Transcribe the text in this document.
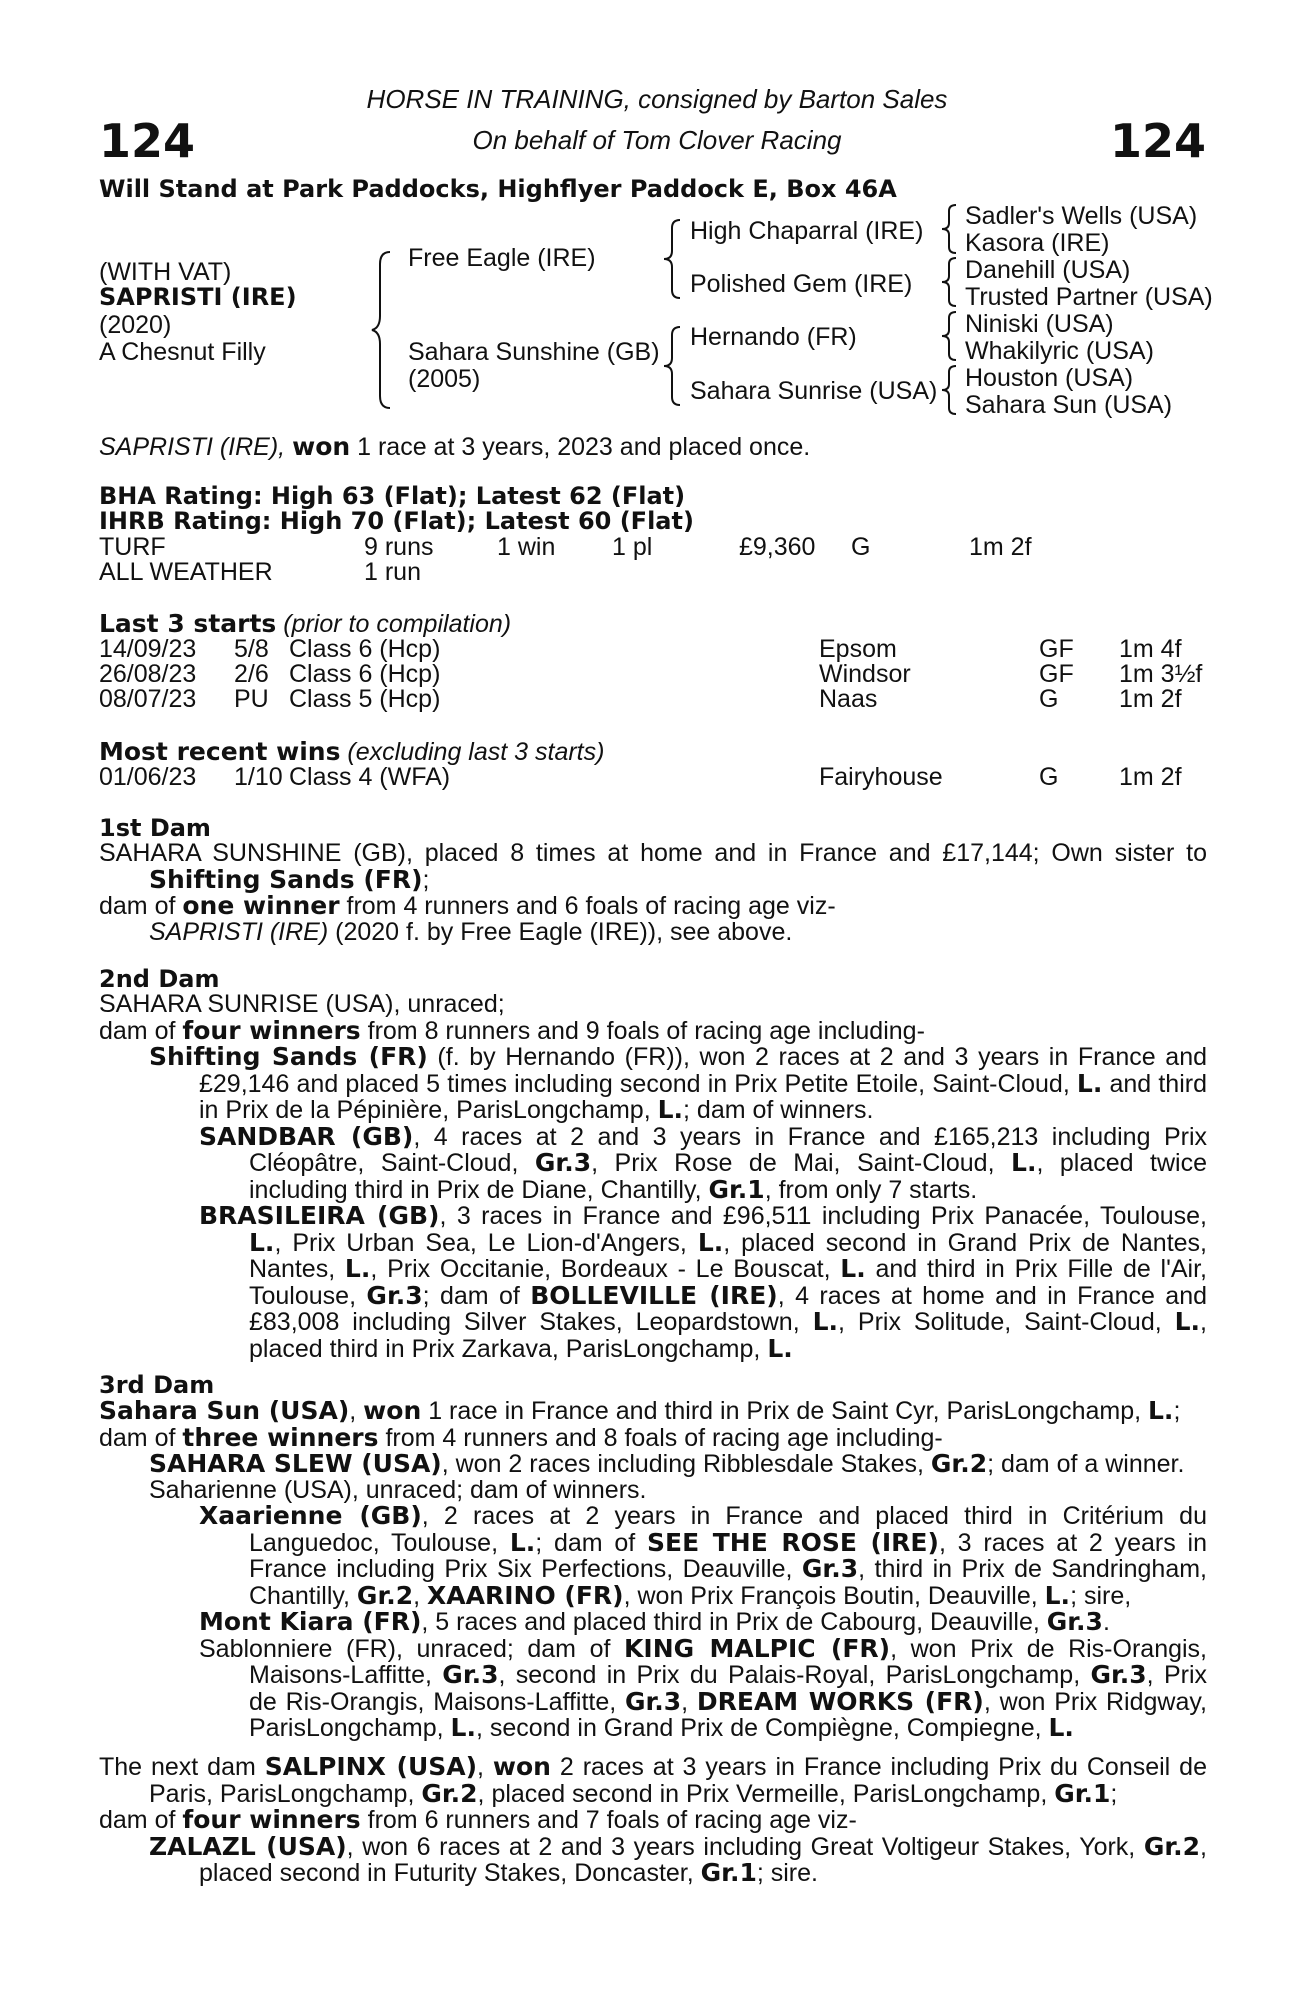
124	124
HORSE IN TRAINING, consigned by Barton Sales
On behalf of Tom Clover Racing
Will Stand at Park Paddocks, Highflyer Paddock E, Box 46A
(WITH VAT)
SAPRISTI (IRE)
(2020)
A Chesnut Filly
Free Eagle (IRE)
Sahara Sunshine (GB)
(2005)
High Chaparral (IRE)
Polished Gem (IRE)
Hernando (FR)
Sahara Sunrise (USA)
Sadler's Wells (USA)
Kasora (IRE)
Danehill (USA)
Trusted Partner (USA)
Niniski (USA)
Whakilyric (USA)
Houston (USA)
Sahara Sun (USA)
SAPRISTI (IRE), won 1 race at 3 years, 2023 and placed once.
BHA Rating: High 63 (Flat); Latest 62 (Flat)
IHRB Rating: High 70 (Flat); Latest 60 (Flat)
TURF	9 runs	1 win 1 pl	£9,360 G	1m 2f
ALL WEATHER	1 run
Last 3 starts (prior to compilation)
14/09/23 5/8 Class 6 (Hcp)	Epsom	GF 1m 4f
26/08/23 2/6 Class 6 (Hcp)	Windsor	GF 1m 3½f
08/07/23 PU Class 5 (Hcp)	Naas	G 1m 2f
Most recent wins (excluding last 3 starts)
01/06/23 1/10 Class 4 (WFA)	Fairyhouse	G 1m 2f
1st Dam

SAHARA SUNSHINE (GB), placed 8 times at home and in France and £17,144; Own sister to Shifting Sands (FR);

dam of one winner from 4 runners and 6 foals of racing age viz-

SAPRISTI (IRE) (2020 f. by Free Eagle (IRE)), see above.

2nd Dam

SAHARA SUNRISE (USA), unraced;

dam of four winners from 8 runners and 9 foals of racing age including-

Shifting Sands (FR) (f. by Hernando (FR)), won 2 races at 2 and 3 years in France and £29,146 and placed 5 times including second in Prix Petite Etoile, Saint-Cloud, L. and third in Prix de la Pépinière, ParisLongchamp, L.; dam of winners.

SANDBAR (GB), 4 races at 2 and 3 years in France and £165,213 including Prix Cléopâtre, Saint-Cloud, Gr.3, Prix Rose de Mai, Saint-Cloud, L., placed twice including third in Prix de Diane, Chantilly, Gr.1, from only 7 starts.

BRASILEIRA (GB), 3 races in France and £96,511 including Prix Panacée, Toulouse, L., Prix Urban Sea, Le Lion-d'Angers, L., placed second in Grand Prix de Nantes, Nantes, L., Prix Occitanie, Bordeaux - Le Bouscat, L. and third in Prix Fille de l'Air, Toulouse, Gr.3; dam of BOLLEVILLE (IRE), 4 races at home and in France and £83,008 including Silver Stakes, Leopardstown, L., Prix Solitude, Saint-Cloud, L., placed third in Prix Zarkava, ParisLongchamp, L.

3rd Dam

Sahara Sun (USA), won 1 race in France and third in Prix de Saint Cyr, ParisLongchamp, L.;

dam of three winners from 4 runners and 8 foals of racing age including-

SAHARA SLEW (USA), won 2 races including Ribblesdale Stakes, Gr.2; dam of a winner.

Saharienne (USA), unraced; dam of winners.

Xaarienne (GB), 2 races at 2 years in France and placed third in Critérium du Languedoc, Toulouse, L.; dam of SEE THE ROSE (IRE), 3 races at 2 years in France including Prix Six Perfections, Deauville, Gr.3, third in Prix de Sandringham, Chantilly, Gr.2, XAARINO (FR), won Prix François Boutin, Deauville, L.; sire,

Mont Kiara (FR), 5 races and placed third in Prix de Cabourg, Deauville, Gr.3.

Sablonniere (FR), unraced; dam of KING MALPIC (FR), won Prix de Ris-Orangis, Maisons-Laffitte, Gr.3, second in Prix du Palais-Royal, ParisLongchamp, Gr.3, Prix de Ris-Orangis, Maisons-Laffitte, Gr.3, DREAM WORKS (FR), won Prix Ridgway, ParisLongchamp, L., second in Grand Prix de Compiègne, Compiegne, L.

The next dam SALPINX (USA), won 2 races at 3 years in France including Prix du Conseil de Paris, ParisLongchamp, Gr.2, placed second in Prix Vermeille, ParisLongchamp, Gr.1;

dam of four winners from 6 runners and 7 foals of racing age viz-

ZALAZL (USA), won 6 races at 2 and 3 years including Great Voltigeur Stakes, York, Gr.2, placed second in Futurity Stakes, Doncaster, Gr.1; sire.
